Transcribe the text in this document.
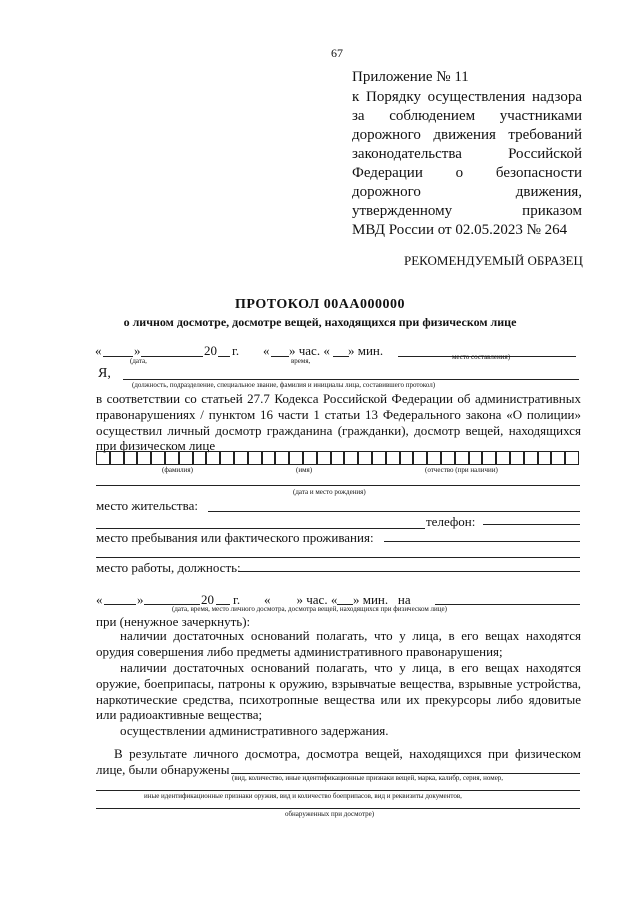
67
Приложение № 11
к Порядку осуществления надзора
за соблюдением участниками
дорожного движения требований
законодательства Российской
Федерации о безопасности
дорожного движения,
утвержденному приказом
МВД России от 02.05.2023 № 264
РЕКОМЕНДУЕМЫЙ ОБРАЗЕЦ
ПРОТОКОЛ 00АА000000
о личном досмотре, досмотре вещей, находящихся при физическом лице
«	»	20 г. « » час. « » мин.
(дата,	время,	место составления)
Я,
(должность, подразделение, специальное звание, фамилия и инициалы лица, составившего протокол)
в соответствии со статьей 27.7 Кодекса Российской Федерации об административных
правонарушениях / пунктом 16 части 1 статьи 13 Федерального закона «О полиции»
осуществил личный досмотр гражданина (гражданки), досмотр вещей, находящихся
при физическом лице
(фамилия)	(имя)	(отчество (при наличии)
(дата и место рождения)
место жительства:
телефон:
место пребывания или фактического проживания:
место работы, должность:
«	»	20 г. «        » час. « » мин.   на
(дата, время, место личного досмотра, досмотра вещей, находящихся при физическом лице)
при (ненужное зачеркнуть):
наличии достаточных оснований полагать, что у лица, в его вещах находятся
орудия совершения либо предметы административного правонарушения;
наличии достаточных оснований полагать, что у лица, в его вещах находятся
оружие, боеприпасы, патроны к оружию, взрывчатые вещества, взрывные устройства,
наркотические средства, психотропные вещества или их прекурсоры либо ядовитые
или радиоактивные вещества;
осуществлении административного задержания.
В результате личного досмотра, досмотра вещей, находящихся при физическом
лице, были обнаружены
(вид, количество, иные идентификационные признаки вещей, марка, калибр, серия, номер,
иные идентификационные признаки оружия, вид и количество боеприпасов, вид и реквизиты документов,
обнаруженных при досмотре)
